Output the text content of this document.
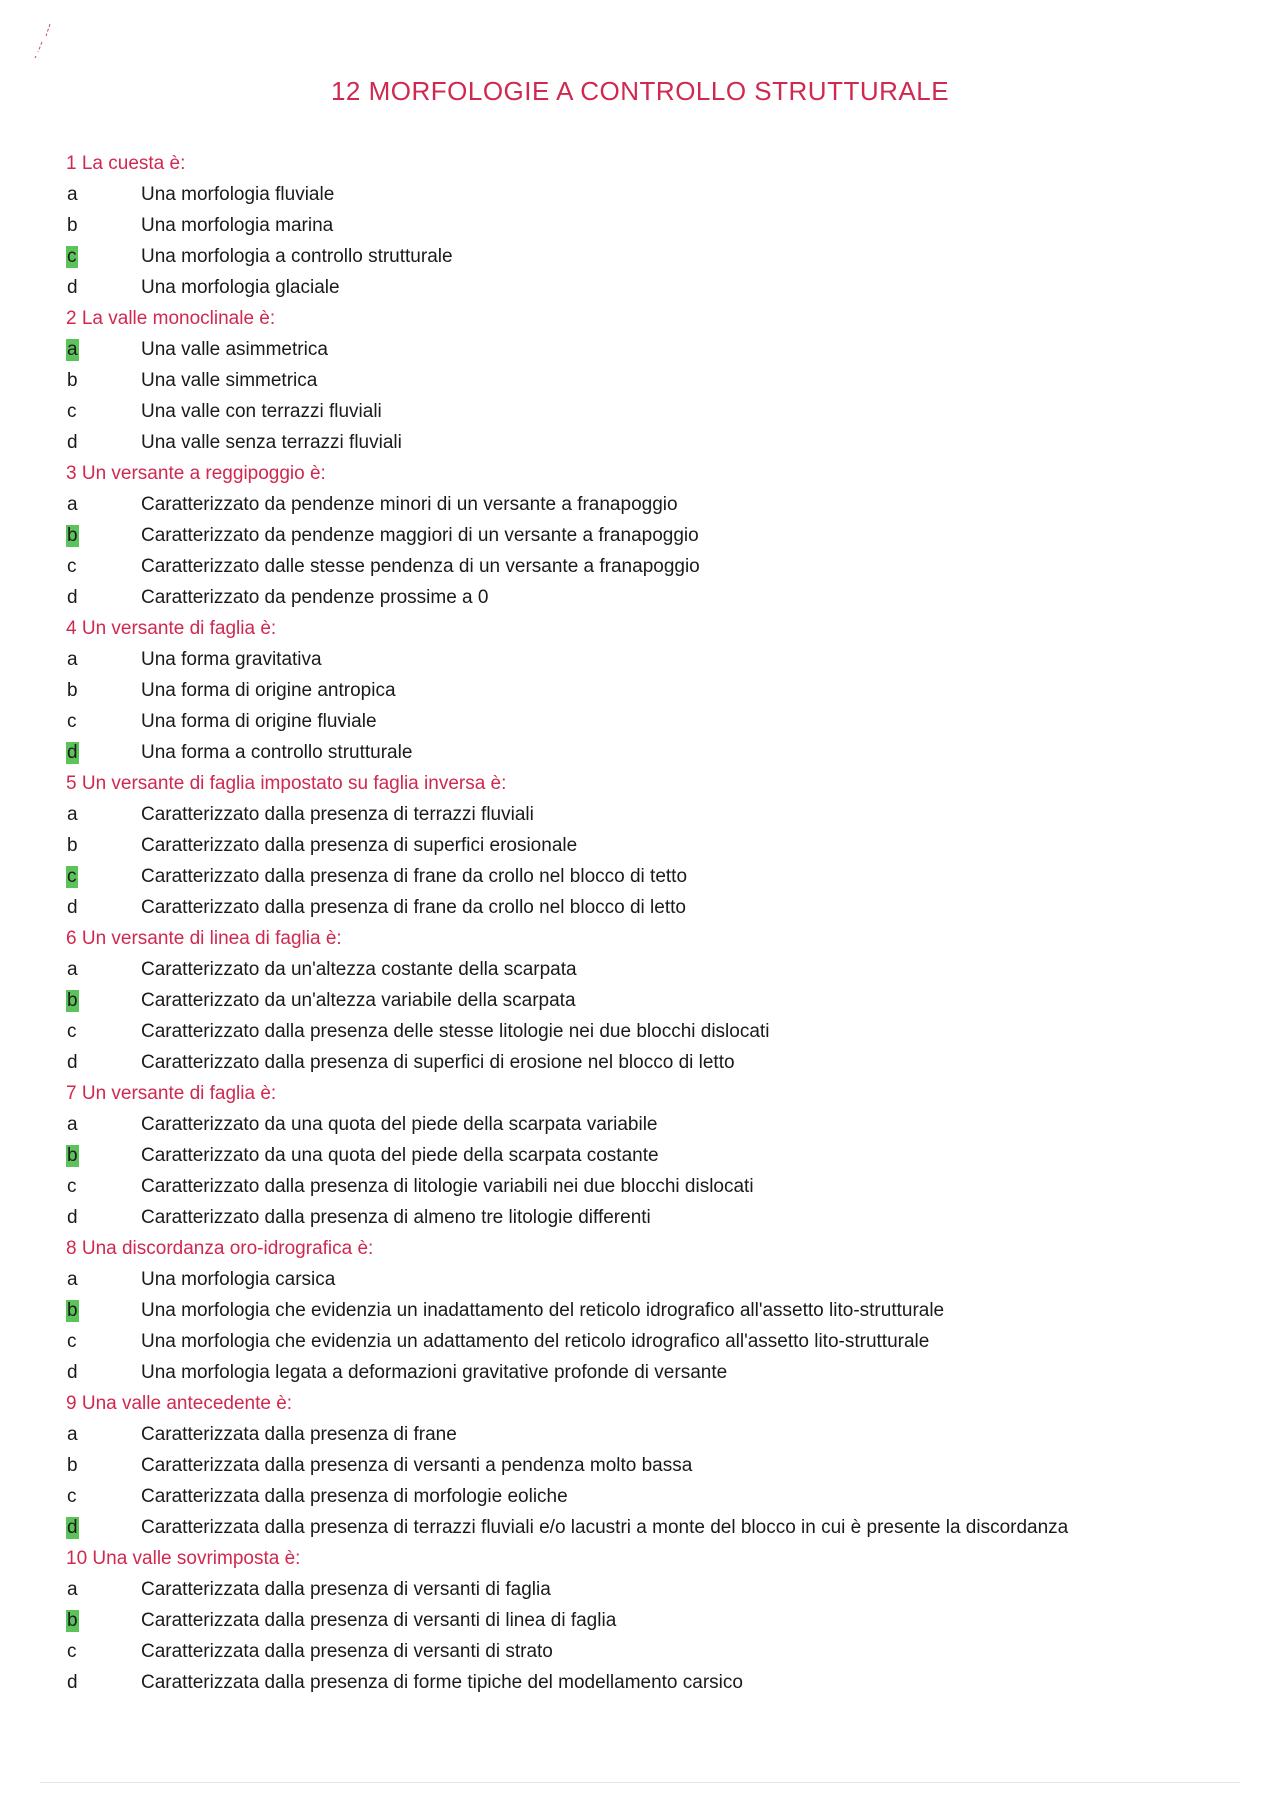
12 MORFOLOGIE A CONTROLLO STRUTTURALE
1 La cuesta è:
a	Una morfologia fluviale
b	Una morfologia marina
c	Una morfologia a controllo strutturale
d	Una morfologia glaciale
2 La valle monoclinale è:
a	Una valle asimmetrica
b	Una valle simmetrica
c	Una valle con terrazzi fluviali
d	Una valle senza terrazzi fluviali
3 Un versante a reggipoggio è:
a	Caratterizzato da pendenze minori di un versante a franapoggio
b	Caratterizzato da pendenze maggiori di un versante a franapoggio
c	Caratterizzato dalle stesse pendenza di un versante a franapoggio
d	Caratterizzato da pendenze prossime a 0
4 Un versante di faglia è:
a	Una forma gravitativa
b	Una forma di origine antropica
c	Una forma di origine fluviale
d	Una forma a controllo strutturale
5 Un versante di faglia impostato su faglia inversa è:
a	Caratterizzato dalla presenza di terrazzi fluviali
b	Caratterizzato dalla presenza di superfici erosionale
c	Caratterizzato dalla presenza di frane da crollo nel blocco di tetto
d	Caratterizzato dalla presenza di frane da crollo nel blocco di letto
6 Un versante di linea di faglia è:
a	Caratterizzato da un'altezza costante della scarpata
b	Caratterizzato da un'altezza variabile della scarpata
c	Caratterizzato dalla presenza delle stesse litologie nei due blocchi dislocati
d	Caratterizzato dalla presenza di superfici di erosione nel blocco di letto
7 Un versante di faglia è:
a	Caratterizzato da una quota del piede della scarpata variabile
b	Caratterizzato da una quota del piede della scarpata costante
c	Caratterizzato dalla presenza di litologie variabili nei due blocchi dislocati
d	Caratterizzato dalla presenza di almeno tre litologie differenti
8 Una discordanza oro-idrografica è:
a	Una morfologia carsica
b	Una morfologia che evidenzia un inadattamento del reticolo idrografico all'assetto lito-strutturale
c	Una morfologia che evidenzia un adattamento del reticolo idrografico all'assetto lito-strutturale
d	Una morfologia legata a deformazioni gravitative profonde di versante
9 Una valle antecedente è:
a	Caratterizzata dalla presenza di frane
b	Caratterizzata dalla presenza di versanti a pendenza molto bassa
c	Caratterizzata dalla presenza di morfologie eoliche
d	Caratterizzata dalla presenza di terrazzi fluviali e/o lacustri a monte del blocco in cui è presente la discordanza
10 Una valle sovrimposta è:
a	Caratterizzata dalla presenza di versanti di faglia
b	Caratterizzata dalla presenza di versanti di linea di faglia
c	Caratterizzata dalla presenza di versanti di strato
d	Caratterizzata dalla presenza di forme tipiche del modellamento carsico
